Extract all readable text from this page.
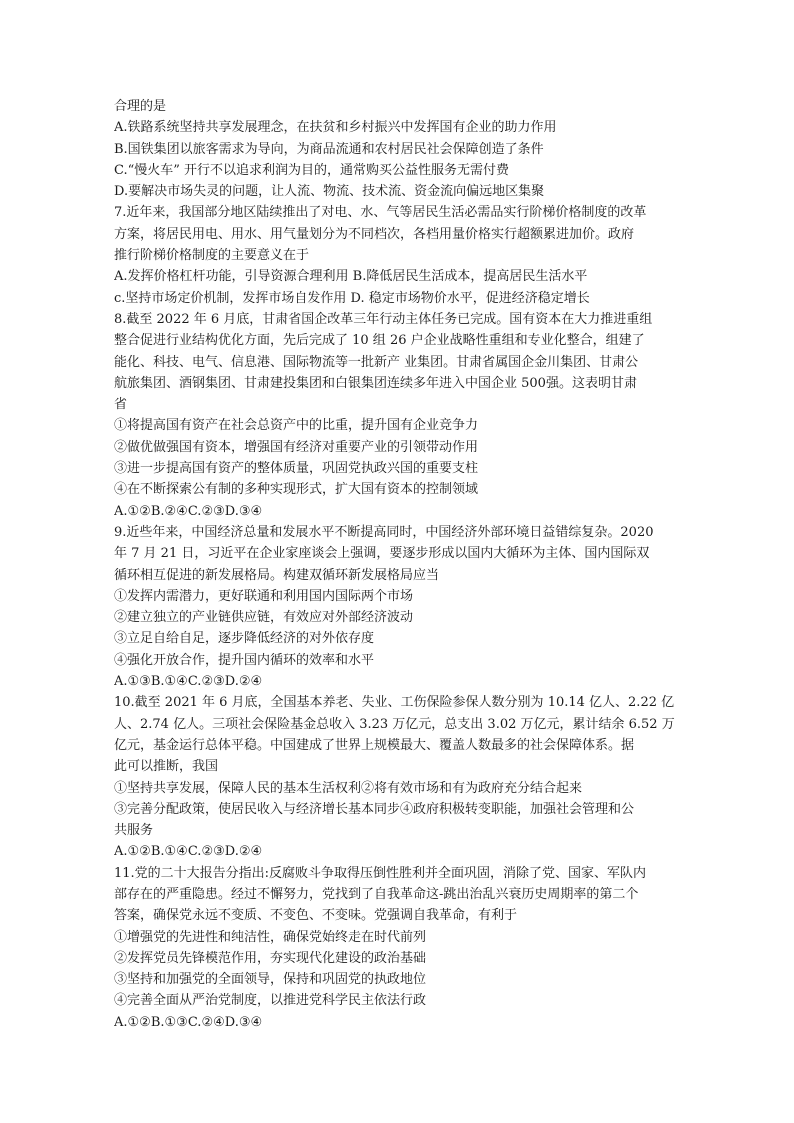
合理的是
A.铁路系统坚持共享发展理念，在扶贫和乡村振兴中发挥国有企业的助力作用
B.国铁集团以旅客需求为导向，为商品流通和农村居民社会保障创造了条件
C.“慢火车” 开行不以追求利润为目的，通常购买公益性服务无需付费
D.要解决市场失灵的问题，让人流、物流、技术流、资金流向偏远地区集聚
7.近年来，我国部分地区陆续推出了对电、水、气等居民生活必需品实行阶梯价格制度的改革
方案，将居民用电、用水、用气量划分为不同档次，各档用量价格实行超额累进加价。政府
推行阶梯价格制度的主要意义在于
A.发挥价格杠杆功能，引导资源合理利用 B.降低居民生活成本，提高居民生活水平
c.坚持市场定价机制，发挥市场自发作用 D. 稳定市场物价水平，促进经济稳定增长
8.截至 2022 年 6 月底，甘肃省国企改革三年行动主体任务已完成。国有资本在大力推进重组
整合促进行业结构优化方面，先后完成了 10 组 26 户企业战略性重组和专业化整合，组建了
能化、科技、电气、信息港、国际物流等一批新产 业集团。甘肃省属国企金川集团、甘肃公
航旅集团、酒钢集团、甘肃建投集团和白银集团连续多年进入中国企业 500强。这表明甘肃
省
①将提高国有资产在社会总资产中的比重，提升国有企业竞争力
②做优做强国有资本，增强国有经济对重要产业的引领带动作用
③进一步提高国有资产的整体质量，巩固党执政兴国的重要支柱
④在不断探索公有制的多种实现形式，扩大国有资本的控制领域
A.①②B.②④C.②③D.③④
9.近些年来，中国经济总量和发展水平不断提高同时，中国经济外部环境日益错综复杂。2020
年 7 月 21 日，习近平在企业家座谈会上强调，要逐步形成以国内大循环为主体、国内国际双
循环相互促进的新发展格局。构建双循环新发展格局应当
①发挥内需潜力，更好联通和利用国内国际两个市场
②建立独立的产业链供应链，有效应对外部经济波动
③立足自给自足，逐步降低经济的对外依存度
④强化开放合作，提升国内循环的效率和水平
A.①③B.①④C.②③D.②④
10.截至 2021 年 6 月底，全国基本养老、失业、工伤保险参保人数分别为 10.14 亿人、2.22 亿
人、2.74 亿人。三项社会保险基金总收入 3.23 万亿元，总支出 3.02 万亿元，累计结余 6.52 万
亿元，基金运行总体平稳。中国建成了世界上规模最大、覆盖人数最多的社会保障体系。据
此可以推断，我国
①坚持共享发展，保障人民的基本生活权利②将有效市场和有为政府充分结合起来
③完善分配政策，使居民收入与经济增长基本同步④政府积极转变职能，加强社会管理和公
共服务
A.①②B.①④C.②③D.②④
11.党的二十大报告分指出:反腐败斗争取得压倒性胜利并全面巩固，消除了党、国家、军队内
部存在的严重隐患。经过不懈努力，党找到了自我革命这-跳出治乱兴衰历史周期率的第二个
答案，确保党永远不变质、不变色、不变味。党强调自我革命，有利于
①增强党的先进性和纯洁性，确保党始终走在时代前列
②发挥党员先锋模范作用，夯实现代化建设的政治基础
③坚持和加强党的全面领导，保持和巩固党的执政地位
④完善全面从严治党制度，以推进党科学民主依法行政
A.①②B.①③C.②④D.③④
